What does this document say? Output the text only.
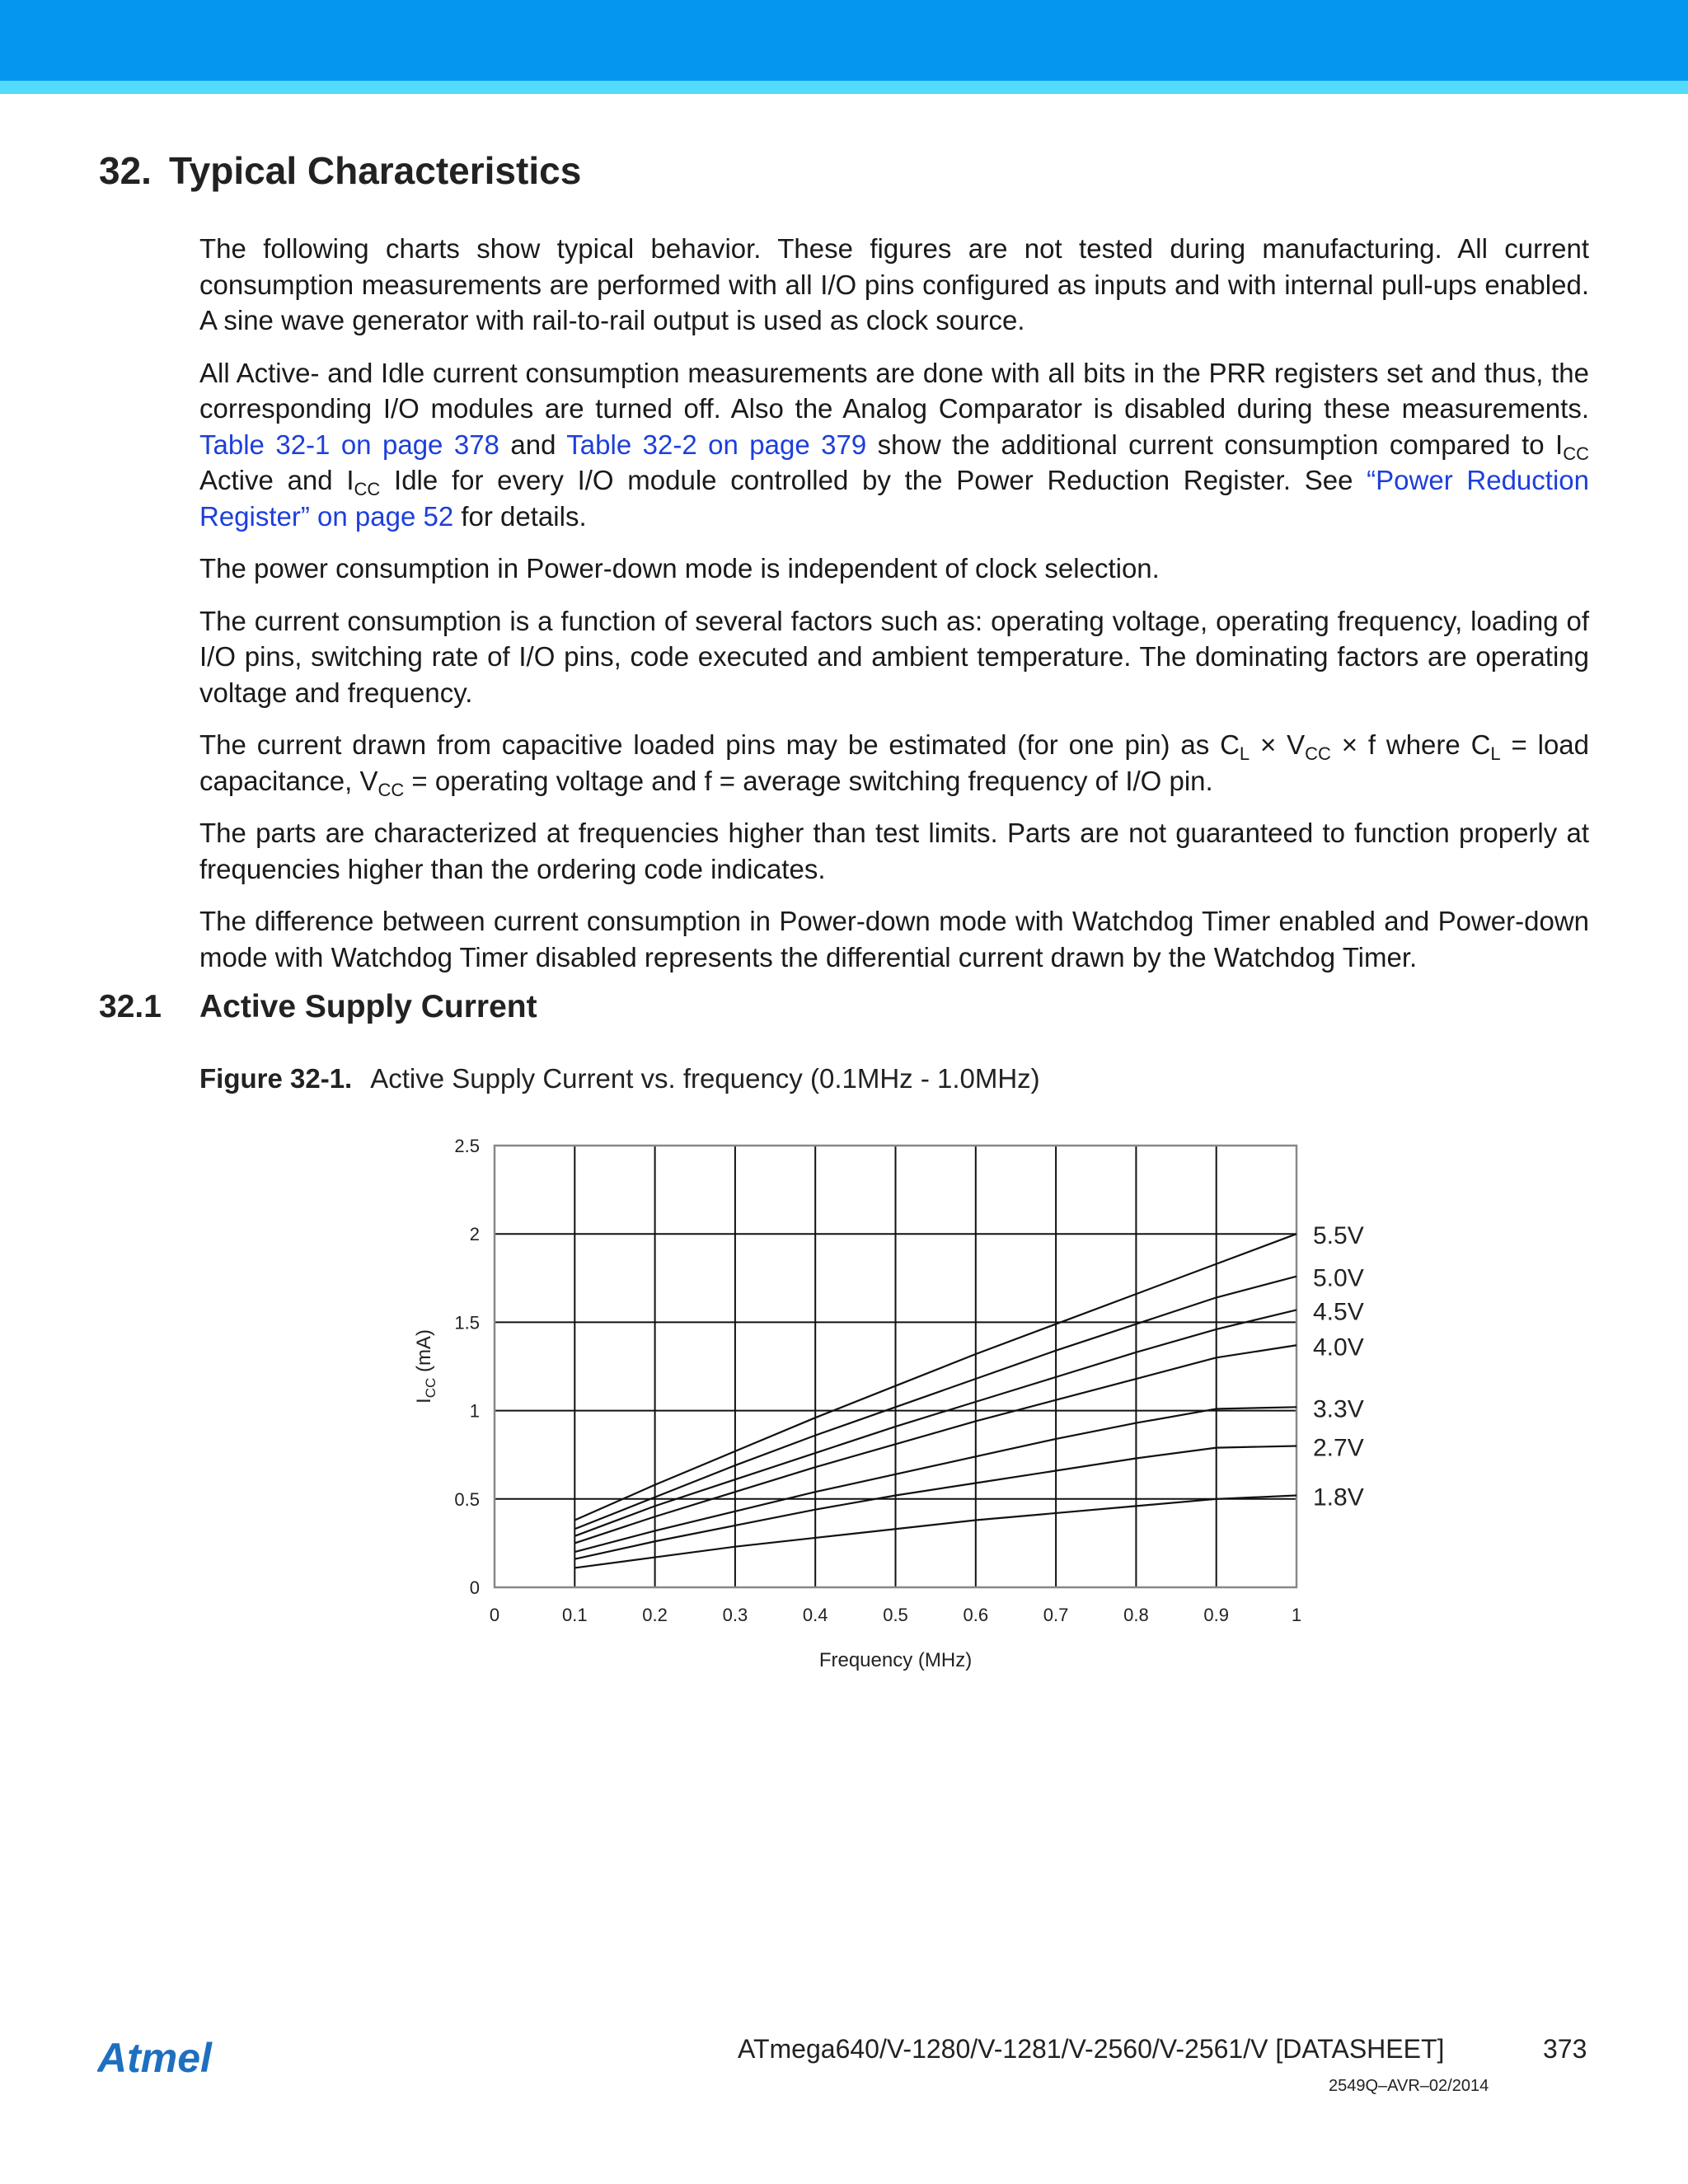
32. Typical Characteristics

The following charts show typical behavior. These figures are not tested during manufacturing. All current consumption measurements are performed with all I/O pins configured as inputs and with internal pull-ups enabled. A sine wave generator with rail-to-rail output is used as clock source.

All Active- and Idle current consumption measurements are done with all bits in the PRR registers set and thus, the corresponding I/O modules are turned off. Also the Analog Comparator is disabled during these measurements. Table 32-1 on page 378 and Table 32-2 on page 379 show the additional current consumption compared to $I_{CC}$ Active and $I_{CC}$ Idle for every I/O module controlled by the Power Reduction Register. See “Power Reduction Register” on page 52 for details.

The power consumption in Power-down mode is independent of clock selection.

The current consumption is a function of several factors such as: operating voltage, operating frequency, loading of I/O pins, switching rate of I/O pins, code executed and ambient temperature. The dominating factors are operating voltage and frequency.

The current drawn from capacitive loaded pins may be estimated (for one pin) as $C_L \times V_{CC} \times f$ where $C_L$ = load capacitance, $V_{CC}$ = operating voltage and f = average switching frequency of I/O pin.

The parts are characterized at frequencies higher than test limits. Parts are not guaranteed to function properly at frequencies higher than the ordering code indicates.

The difference between current consumption in Power-down mode with Watchdog Timer enabled and Power-down mode with Watchdog Timer disabled represents the differential current drawn by the Watchdog Timer.

32.1 Active Supply Current
Figure 32-1. Active Supply Current vs. frequency (0.1MHz - 1.0MHz)
0	0.1	0.2	0.3	0.4	0.5	0.6	0.7	0.8	0.9	1
0
0.5
1
1.5
2
2.5
5.5V
5.0V
4.5V
4.0V
3.3V
2.7V
1.8V
Frequency (MHz)
$I_{CC}$ (mA)
Atmel	ATmega640/V-1280/V-1281/V-2560/V-2561/V [DATASHEET]	373
2549Q–AVR–02/2014
